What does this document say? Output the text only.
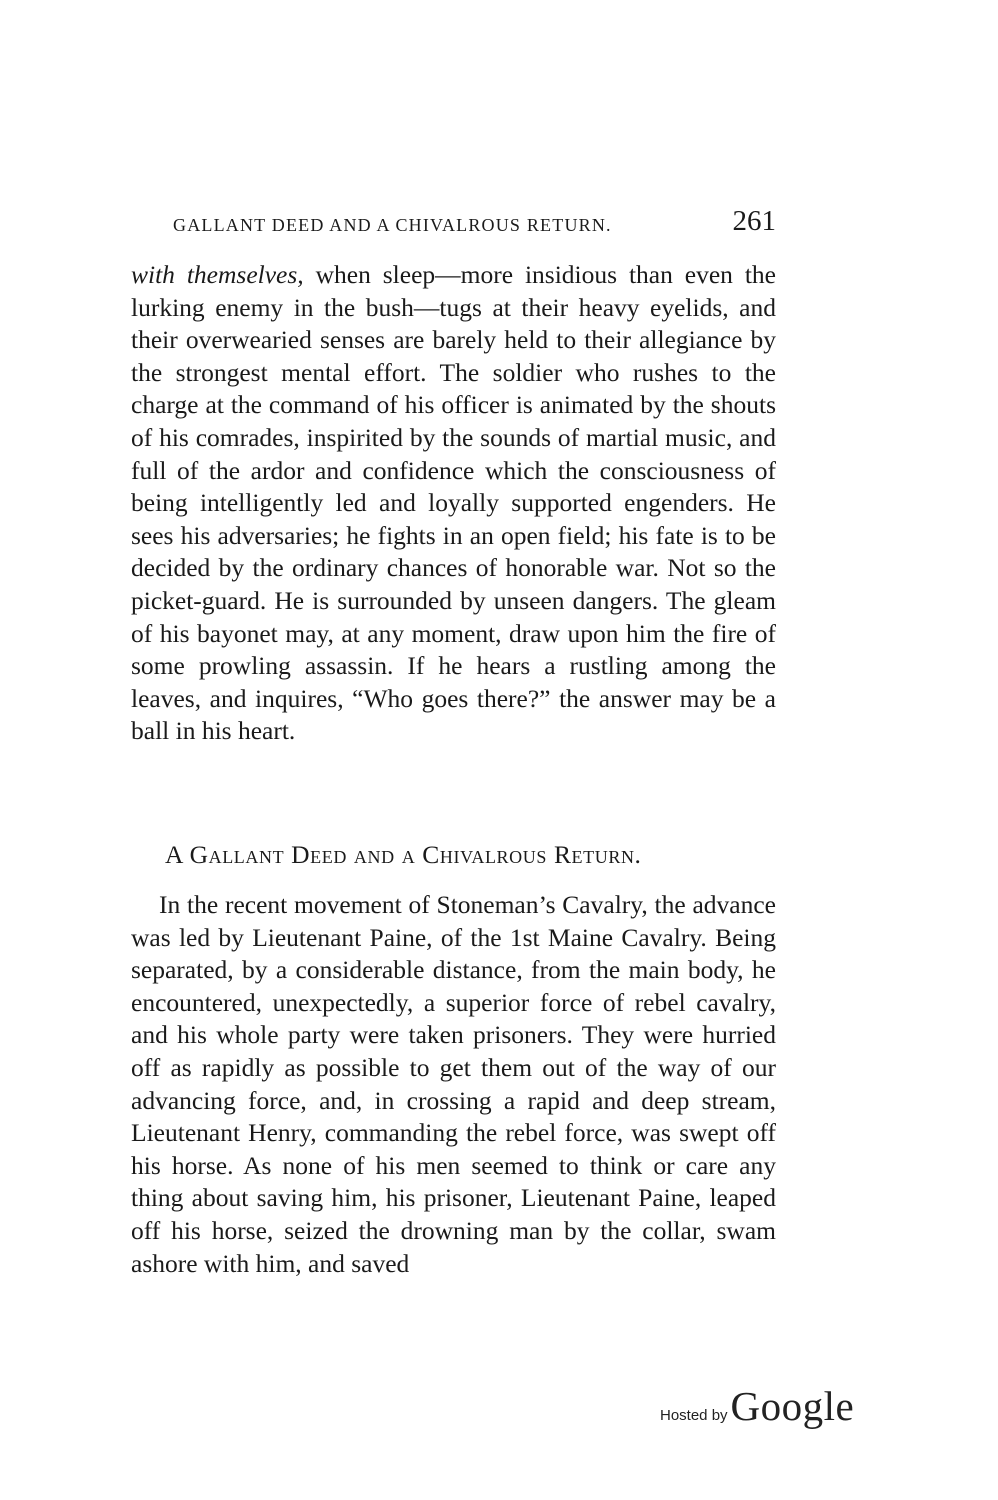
GALLANT DEED AND A CHIVALROUS RETURN.	261

with themselves, when sleep—more insidious than even the lurking enemy in the bush—tugs at their heavy eyelids, and their overwearied senses are barely held to their allegiance by the strongest mental effort. The soldier who rushes to the charge at the command of his officer is animated by the shouts of his comrades, inspirited by the sounds of martial music, and full of the ardor and confidence which the consciousness of being intelligently led and loyally supported engenders. He sees his adversaries; he fights in an open field; his fate is to be decided by the ordinary chances of honorable war. Not so the picket-guard. He is surrounded by unseen dangers. The gleam of his bayonet may, at any moment, draw upon him the fire of some prowling assassin. If he hears a rustling among the leaves, and inquires, “Who goes there?” the answer may be a ball in his heart.

A Gallant Deed and a Chivalrous Return.

In the recent movement of Stoneman’s Cavalry, the advance was led by Lieutenant Paine, of the 1st Maine Cavalry. Being separated, by a considerable distance, from the main body, he encountered, unexpectedly, a superior force of rebel cavalry, and his whole party were taken prisoners. They were hurried off as rapidly as possible to get them out of the way of our advancing force, and, in crossing a rapid and deep stream, Lieutenant Henry, commanding the rebel force, was swept off his horse. As none of his men seemed to think or care any thing about saving him, his prisoner, Lieutenant Paine, leaped off his horse, seized the drowning man by the collar, swam ashore with him, and saved

Hosted by Google
